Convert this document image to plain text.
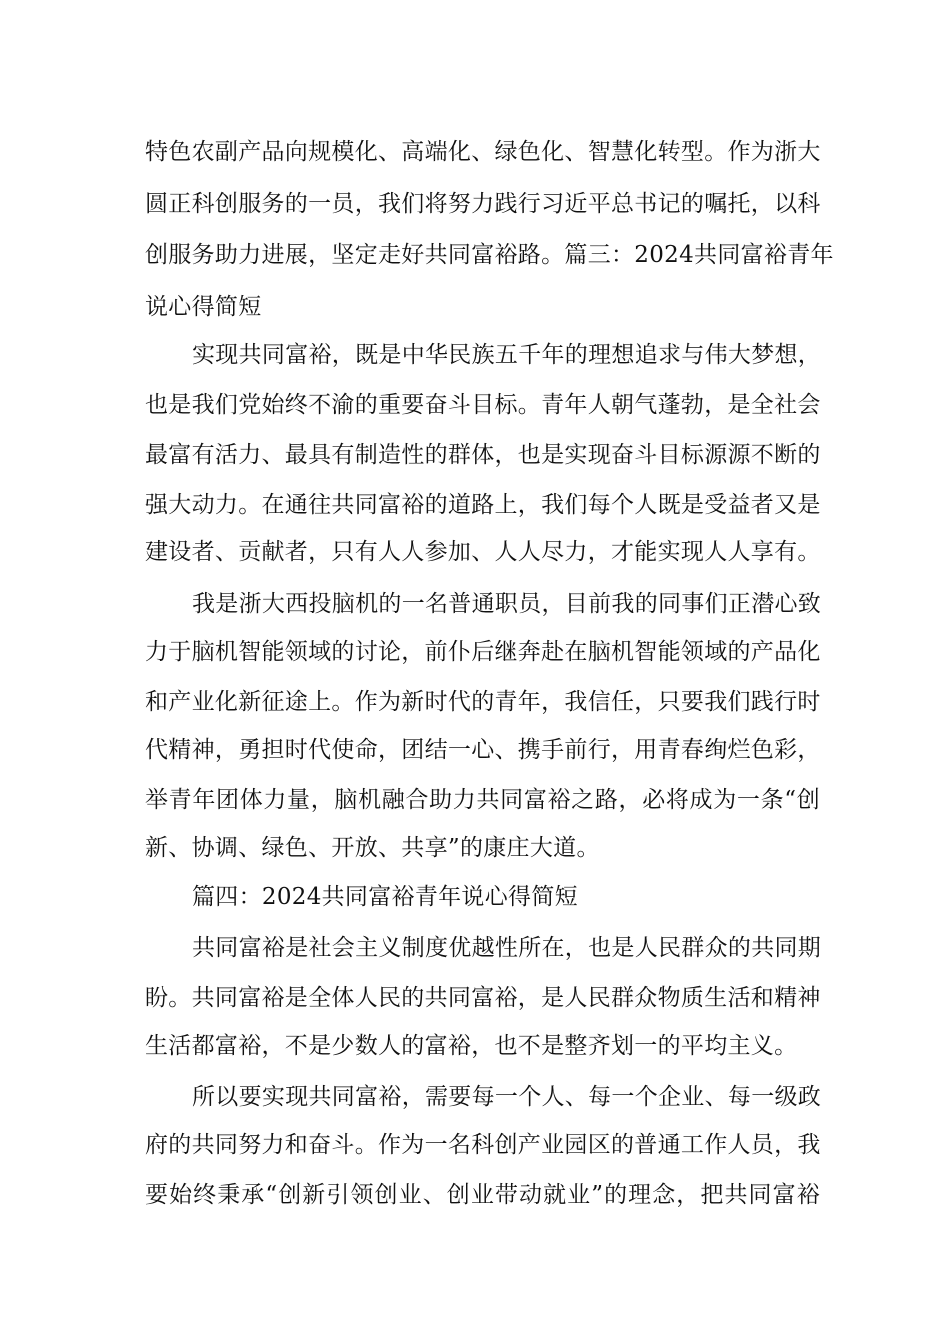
特色农副产品向规模化、高端化、绿色化、智慧化转型。作为浙大
圆正科创服务的一员，我们将努力践行习近平总书记的嘱托，以科
创服务助力进展，坚定走好共同富裕路。篇三：2024共同富裕青年
说心得简短
实现共同富裕，既是中华民族五千年的理想追求与伟大梦想，
也是我们党始终不渝的重要奋斗目标。青年人朝气蓬勃，是全社会
最富有活力、最具有制造性的群体，也是实现奋斗目标源源不断的
强大动力。在通往共同富裕的道路上，我们每个人既是受益者又是
建设者、贡献者，只有人人参加、人人尽力，才能实现人人享有。
我是浙大西投脑机的一名普通职员，目前我的同事们正潜心致
力于脑机智能领域的讨论，前仆后继奔赴在脑机智能领域的产品化
和产业化新征途上。作为新时代的青年，我信任，只要我们践行时
代精神，勇担时代使命，团结一心、携手前行，用青春绚烂色彩，
举青年团体力量，脑机融合助力共同富裕之路，必将成为一条“创
新、协调、绿色、开放、共享”的康庄大道。
篇四：2024共同富裕青年说心得简短
共同富裕是社会主义制度优越性所在，也是人民群众的共同期
盼。共同富裕是全体人民的共同富裕，是人民群众物质生活和精神
生活都富裕，不是少数人的富裕，也不是整齐划一的平均主义。
所以要实现共同富裕，需要每一个人、每一个企业、每一级政
府的共同努力和奋斗。作为一名科创产业园区的普通工作人员，我
要始终秉承“创新引领创业、创业带动就业”的理念，把共同富裕
